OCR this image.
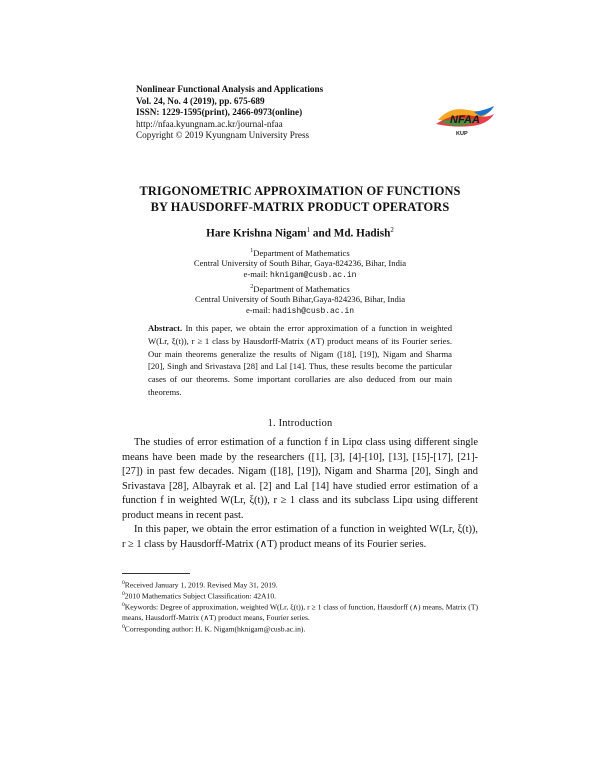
Nonlinear Functional Analysis and Applications
Vol. 24, No. 4 (2019), pp. 675-689
ISSN: 1229-1595(print), 2466-0973(online)
http://nfaa.kyungnam.ac.kr/journal-nfaa
Copyright © 2019 Kyungnam University Press
NFAA
KUP
TRIGONOMETRIC APPROXIMATION OF FUNCTIONS
BY HAUSDORFF-MATRIX PRODUCT OPERATORS
Hare Krishna Nigam$^1$ and Md. Hadish$^2$
$^1$Department of Mathematics
Central University of South Bihar, Gaya-824236, Bihar, India
e-mail: hknigam@cusb.ac.in
$^2$Department of Mathematics
Central University of South Bihar,Gaya-824236, Bihar, India
e-mail: hadish@cusb.ac.in
Abstract. In this paper, we obtain the error approximation of a function in weighted W(Lr, ξ(t)), r ≥ 1 class by Hausdorff-Matrix (∧T) product means of its Fourier series. Our main theorems generalize the results of Nigam ([18], [19]), Nigam and Sharma [20], Singh and Srivastava [28] and Lal [14]. Thus, these results become the particular cases of our theorems. Some important corollaries are also deduced from our main theorems.
1. Introduction
The studies of error estimation of a function f in Lipα class using different single means have been made by the researchers ([1], [3], [4]-[10], [13], [15]-[17], [21]-[27]) in past few decades. Nigam ([18], [19]), Nigam and Sharma [20], Singh and Srivastava [28], Albayrak et al. [2] and Lal [14] have studied error estimation of a function f in weighted W(Lr, ξ(t)), r ≥ 1 class and its subclass Lipα using different product means in recent past.
In this paper, we obtain the error estimation of a function in weighted W(Lr, ξ(t)), r ≥ 1 class by Hausdorff-Matrix (∧T) product means of its Fourier series.
$^0$Received January 1, 2019. Revised May 31, 2019.
$^0$2010 Mathematics Subject Classification: 42A10.
$^0$Keywords: Degree of approximation, weighted W(Lr, ξ(t)), r ≥ 1 class of function, Hausdorff (∧) means, Matrix (T) means, Hausdorff-Matrix (∧T) product means, Fourier series.
$^0$Corresponding author: H. K. Nigam(hknigam@cusb.ac.in).
